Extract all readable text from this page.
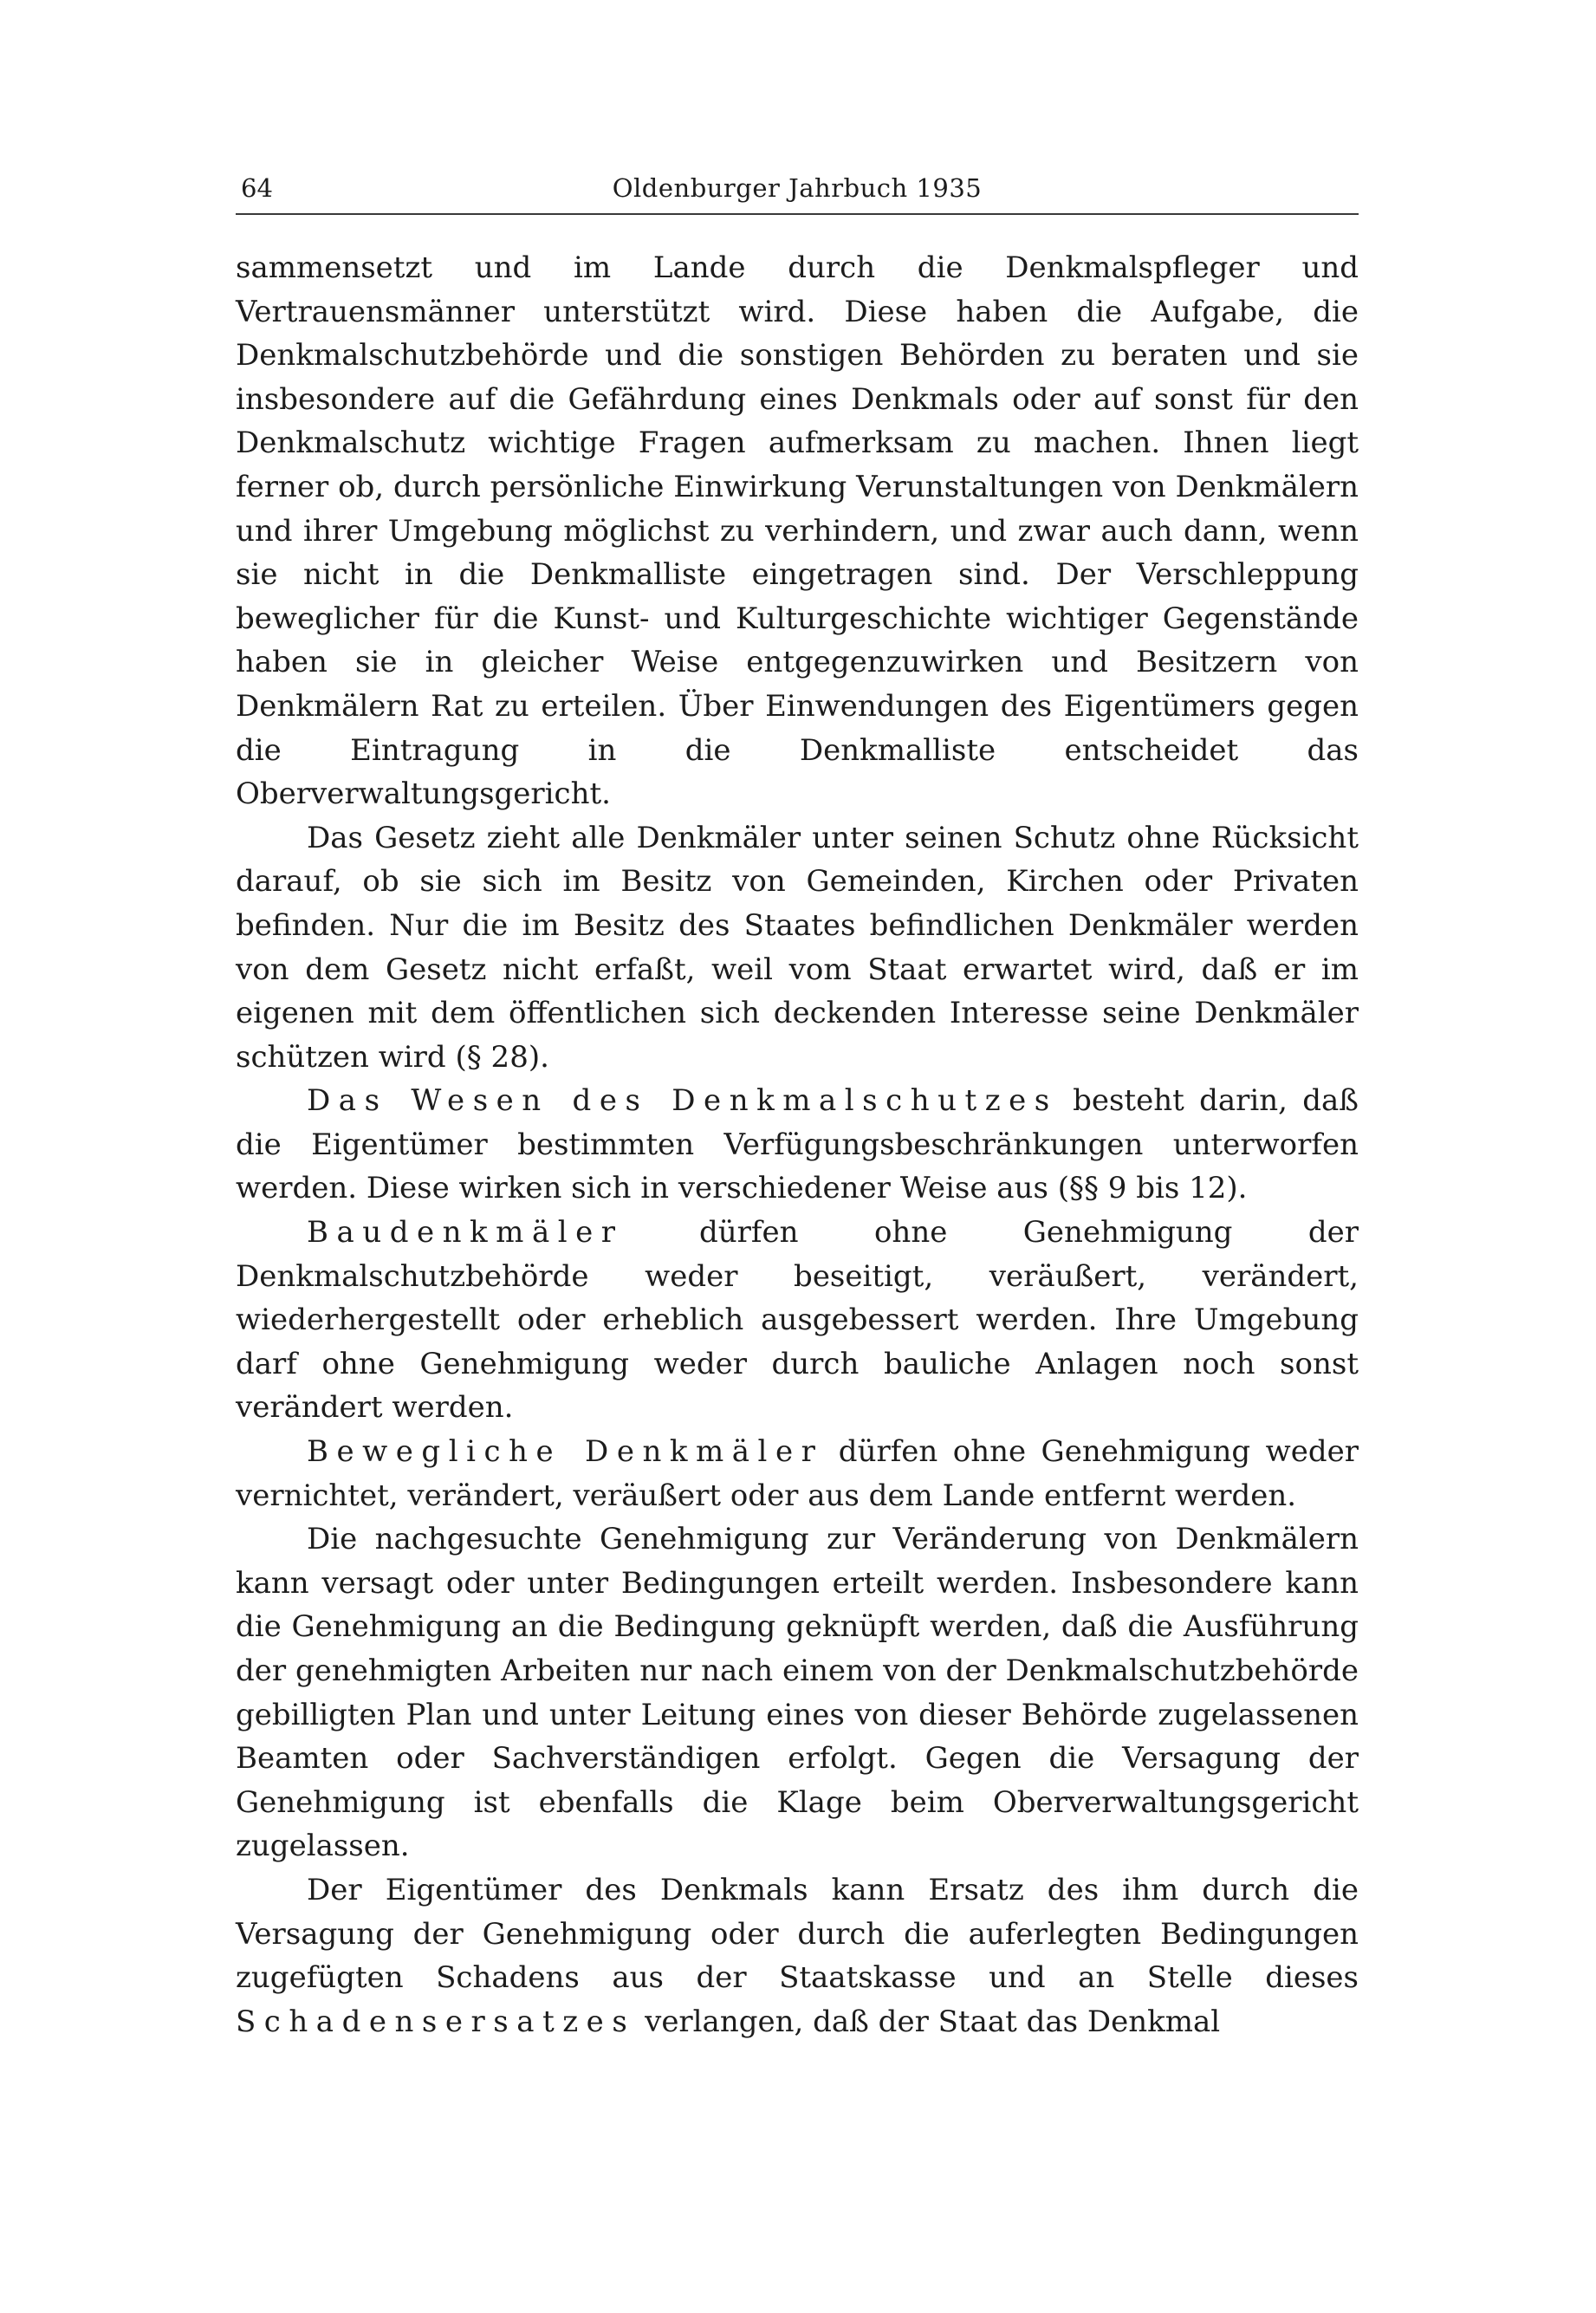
64	Oldenburger Jahrbuch 1935

sammensetzt und im Lande durch die Denkmalspfleger und Vertrauensmänner unterstützt wird. Diese haben die Aufgabe, die Denkmalschutzbehörde und die sonstigen Behörden zu beraten und sie insbesondere auf die Gefährdung eines Denkmals oder auf sonst für den Denkmalschutz wichtige Fragen aufmerksam zu machen. Ihnen liegt ferner ob, durch persönliche Einwirkung Verunstaltungen von Denkmälern und ihrer Umgebung möglichst zu verhindern, und zwar auch dann, wenn sie nicht in die Denkmalliste eingetragen sind. Der Verschleppung beweglicher für die Kunst- und Kulturgeschichte wichtiger Gegenstände haben sie in gleicher Weise entgegenzuwirken und Besitzern von Denkmälern Rat zu erteilen. Über Einwendungen des Eigentümers gegen die Eintragung in die Denkmalliste entscheidet das Oberverwaltungsgericht.

Das Gesetz zieht alle Denkmäler unter seinen Schutz ohne Rücksicht darauf, ob sie sich im Besitz von Gemeinden, Kirchen oder Privaten befinden. Nur die im Besitz des Staates befindlichen Denkmäler werden von dem Gesetz nicht erfaßt, weil vom Staat erwartet wird, daß er im eigenen mit dem öffentlichen sich deckenden Interesse seine Denkmäler schützen wird (§ 28).

Das Wesen des Denkmalschutzes besteht darin, daß die Eigentümer bestimmten Verfügungsbeschränkungen unterworfen werden. Diese wirken sich in verschiedener Weise aus (§§ 9 bis 12).

Baudenkmäler dürfen ohne Genehmigung der Denkmalschutzbehörde weder beseitigt, veräußert, verändert, wiederhergestellt oder erheblich ausgebessert werden. Ihre Umgebung darf ohne Genehmigung weder durch bauliche Anlagen noch sonst verändert werden.

Bewegliche Denkmäler dürfen ohne Genehmigung weder vernichtet, verändert, veräußert oder aus dem Lande entfernt werden.

Die nachgesuchte Genehmigung zur Veränderung von Denkmälern kann versagt oder unter Bedingungen erteilt werden. Insbesondere kann die Genehmigung an die Bedingung geknüpft werden, daß die Ausführung der genehmigten Arbeiten nur nach einem von der Denkmalschutzbehörde gebilligten Plan und unter Leitung eines von dieser Behörde zugelassenen Beamten oder Sachverständigen erfolgt. Gegen die Versagung der Genehmigung ist ebenfalls die Klage beim Oberverwaltungsgericht zugelassen.

Der Eigentümer des Denkmals kann Ersatz des ihm durch die Versagung der Genehmigung oder durch die auferlegten Bedingungen zugefügten Schadens aus der Staatskasse und an Stelle dieses Schadensersatzes verlangen, daß der Staat das Denkmal
